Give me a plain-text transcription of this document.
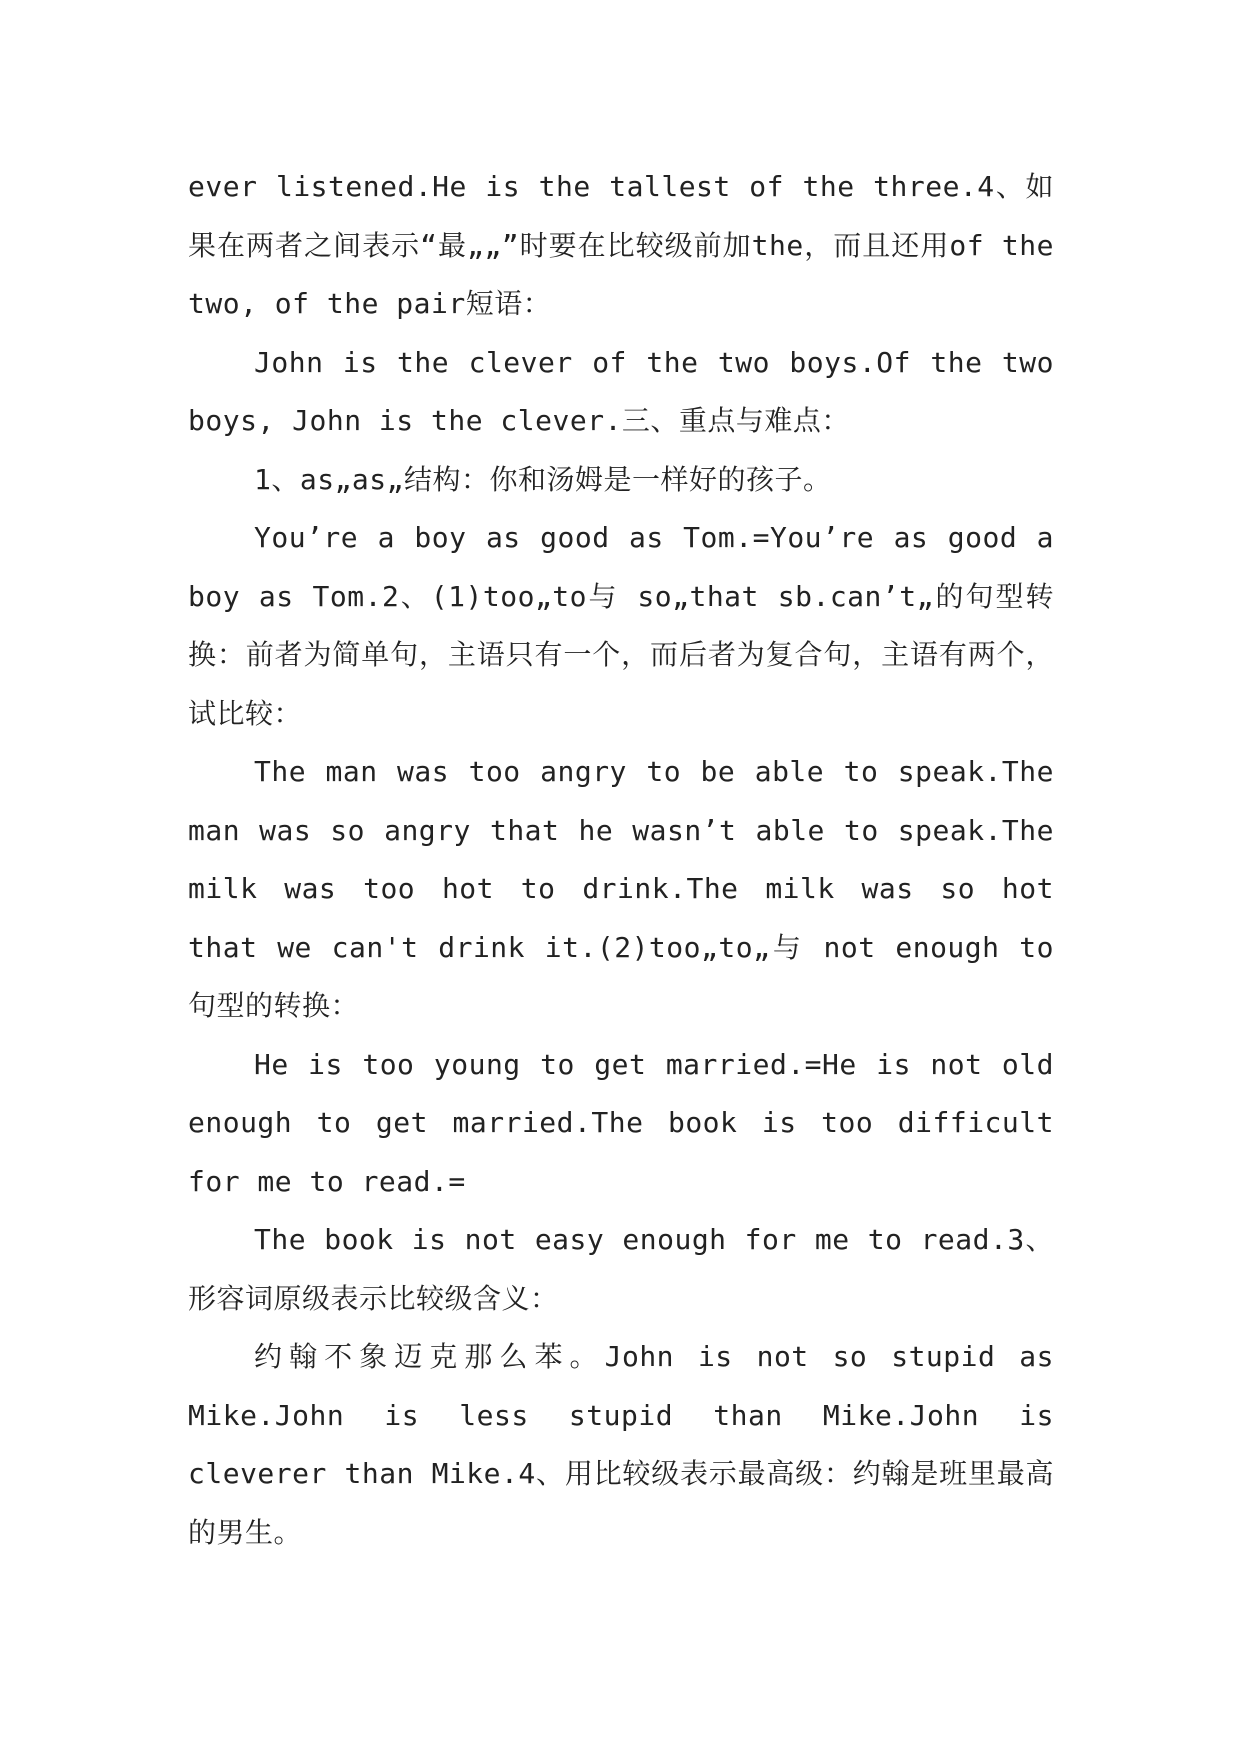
ever listened.He is the tallest of the three.4、如果在两者之间表示“最„„”时要在比较级前加the，而且还用of the two, of the pair短语：

John is the clever of the two boys.Of the two boys, John is the clever.三、重点与难点：

1、as„as„结构：你和汤姆是一样好的孩子。

You’re a boy as good as Tom.=You’re as good a boy as Tom.2、(1)too„to与 so„that sb.can’t„的句型转换：前者为简单句，主语只有一个，而后者为复合句，主语有两个，试比较：

The man was too angry to be able to speak.The man was so angry that he wasn’t able to speak.The milk was too hot to drink.The milk was so hot that we can't drink it.(2)too„to„与 not enough to句型的转换：

He is too young to get married.=He is not old enough to get married.The book is too difficult for me to read.=

The book is not easy enough for me to read.3、形容词原级表示比较级含义：

约翰不象迈克那么苯。John is not so stupid as Mike.John is less stupid than Mike.John is cleverer than Mike.4、用比较级表示最高级：约翰是班里最高的男生。
